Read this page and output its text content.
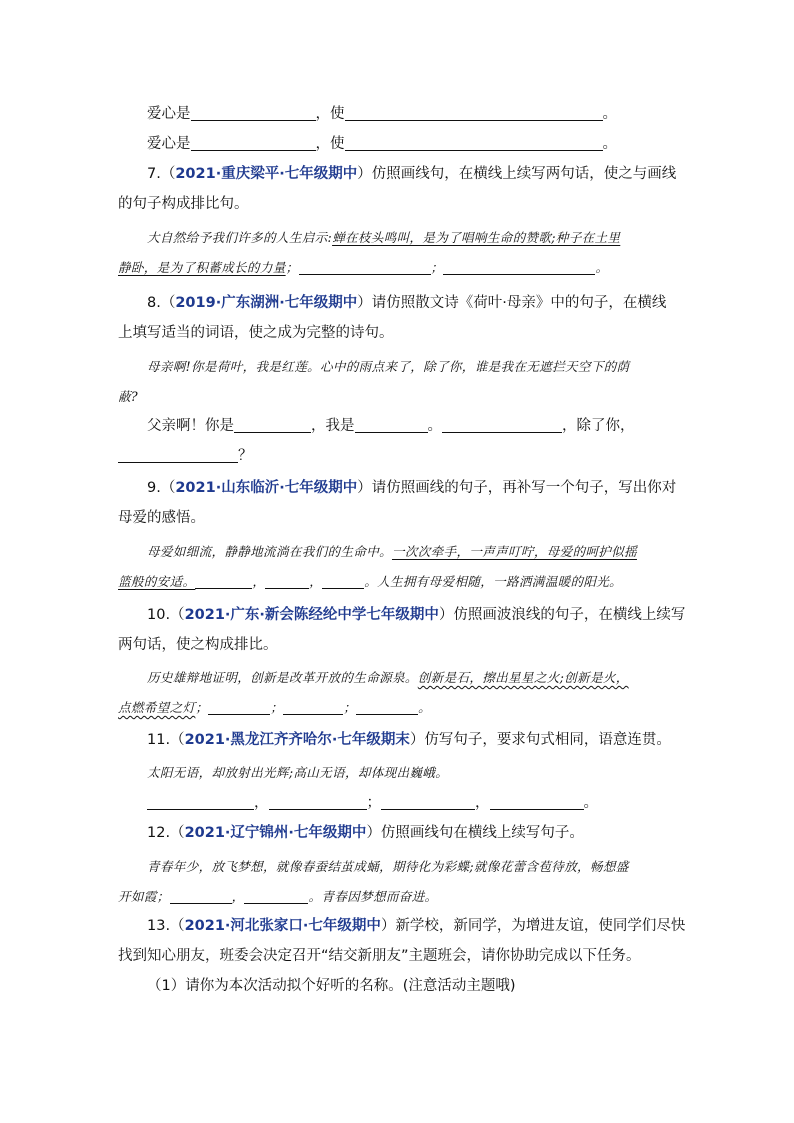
爱心是	，使	。
爱心是	，使	。
7.（2021·重庆梁平·七年级期中）仿照画线句，在横线上续写两句话，使之与画线
的句子构成排比句。
大自然给予我们许多的人生启示:蝉在枝头鸣叫，是为了唱响生命的赞歌;种子在土里
静卧，是为了积蓄成长的力量；	；	。
8.（2019·广东湖洲·七年级期中）请仿照散文诗《荷叶·母亲》中的句子，在横线
上填写适当的词语，使之成为完整的诗句。
母亲啊!你是荷叶，我是红莲。心中的雨点来了，除了你，谁是我在无遮拦天空下的荫
蔽?
父亲啊！你是	，我是	。	，除了你，
？
9.（2021·山东临沂·七年级期中）请仿照画线的句子，再补写一个句子，写出你对
母爱的感悟。
母爱如细流，静静地流淌在我们的生命中。一次次牵手，一声声叮咛，母爱的呵护似摇
篮般的安适。	，	，	。人生拥有母爱相随，一路洒满温暖的阳光。
10.（2021·广东·新会陈经纶中学七年级期中）仿照画波浪线的句子，在横线上续写
两句话，使之构成排比。
历史雄辩地证明，创新是改革开放的生命源泉。创新是石，擦出星星之火;创新是火，
点燃希望之灯；	；	；	。
11.（2021·黑龙江齐齐哈尔·七年级期末）仿写句子，要求句式相同，语意连贯。
太阳无语，却放射出光辉;高山无语，却体现出巍峨。
，	；	，	。
12.（2021·辽宁锦州·七年级期中）仿照画线句在横线上续写句子。
青春年少，放飞梦想，就像春蚕结茧成蛹，期待化为彩蝶;就像花蕾含苞待放，畅想盛
开如霞；	，	。青春因梦想而奋进。
13.（2021·河北张家口·七年级期中）新学校，新同学，为增进友谊，使同学们尽快
找到知心朋友，班委会决定召开“结交新朋友”主题班会，请你协助完成以下任务。
（1）请你为本次活动拟个好听的名称。(注意活动主题哦)
